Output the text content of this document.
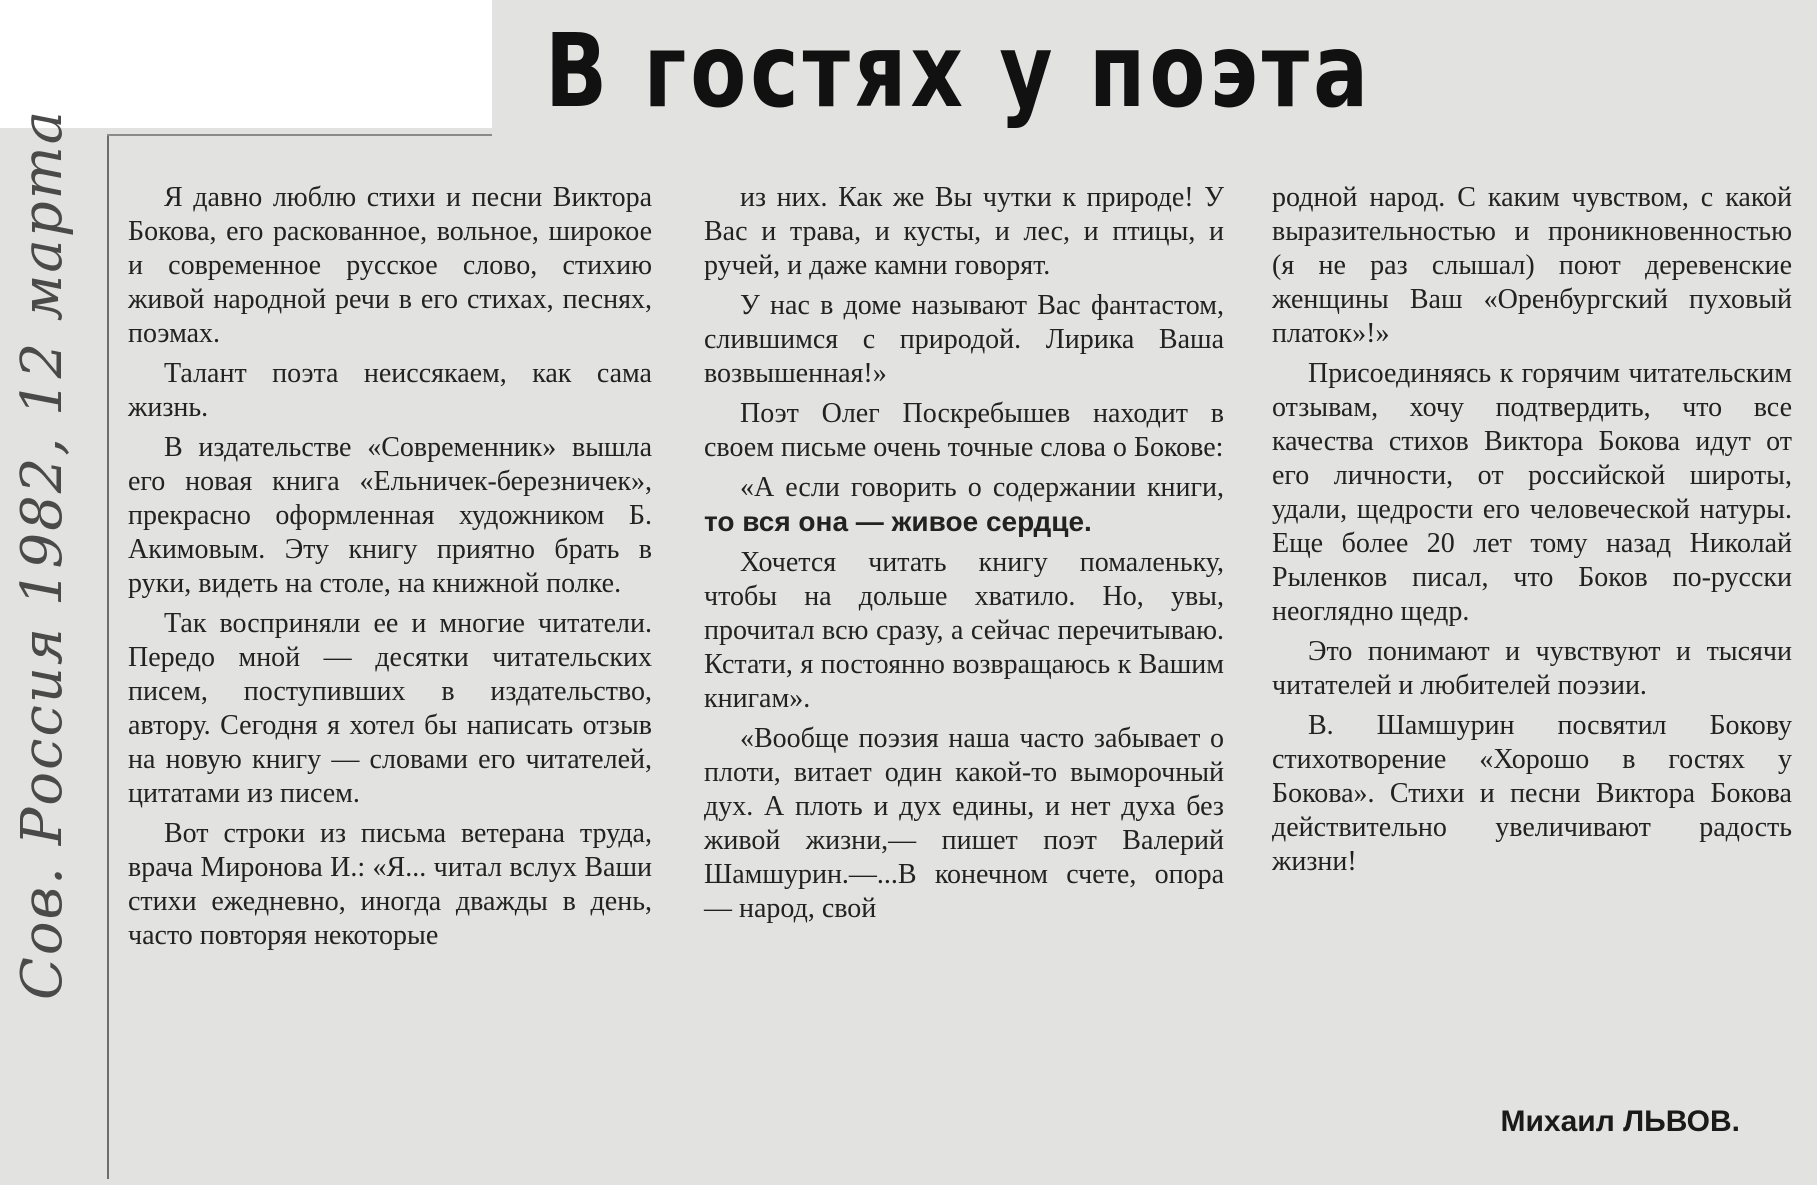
В гостях у поэта
Сов. Россия 1982, 12 марта	Я давно люблю стихи и песни Виктора Бокова, его раскованное, вольное, широкое и современное русское слово, стихию живой народной речи в его стихах, песнях, поэмах.

Талант поэта неиссякаем, как сама жизнь.

В издательстве «Современник» вышла его новая книга «Ельничек-березничек», прекрасно оформленная художником Б. Акимовым. Эту книгу приятно брать в руки, видеть на столе, на книжной полке.

Так восприняли ее и многие читатели. Передо мной — десятки читательских писем, поступивших в издательство, автору. Сегодня я хотел бы написать отзыв на новую книгу — словами его читателей, цитатами из писем.

Вот строки из письма ветерана труда, врача Миронова И.: «Я... читал вслух Ваши стихи ежедневно, иногда дважды в день, часто повторяя некоторые

из них. Как же Вы чутки к природе! У Вас и трава, и кусты, и лес, и птицы, и ручей, и даже камни говорят.

У нас в доме называют Вас фантастом, слившимся с природой. Лирика Ваша возвышенная!»

Поэт Олег Поскребышев находит в своем письме очень точные слова о Бокове:

«А если говорить о содержании книги, то вся она — живое сердце.

Хочется читать книгу помаленьку, чтобы на дольше хватило. Но, увы, прочитал всю сразу, а сейчас перечитываю. Кстати, я постоянно возвращаюсь к Вашим книгам».

«Вообще поэзия наша часто забывает о плоти, витает один какой-то выморочный дух. А плоть и дух едины, и нет духа без живой жизни,— пишет поэт Валерий Шамшурин.—...В конечном счете, опора — народ, свой

родной народ. С каким чувством, с какой выразительностью и проникновенностью (я не раз слышал) поют деревенские женщины Ваш «Оренбургский пуховый платок»!»

Присоединяясь к горячим читательским отзывам, хочу подтвердить, что все качества стихов Виктора Бокова идут от его личности, от российской широты, удали, щедрости его человеческой натуры. Еще более 20 лет тому назад Николай Рыленков писал, что Боков по-русски неоглядно щедр.

Это понимают и чувствуют и тысячи читателей и любителей поэзии.

В. Шамшурин посвятил Бокову стихотворение «Хорошо в гостях у Бокова». Стихи и песни Виктора Бокова действительно увеличивают радость жизни!

Михаил ЛЬВОВ.
